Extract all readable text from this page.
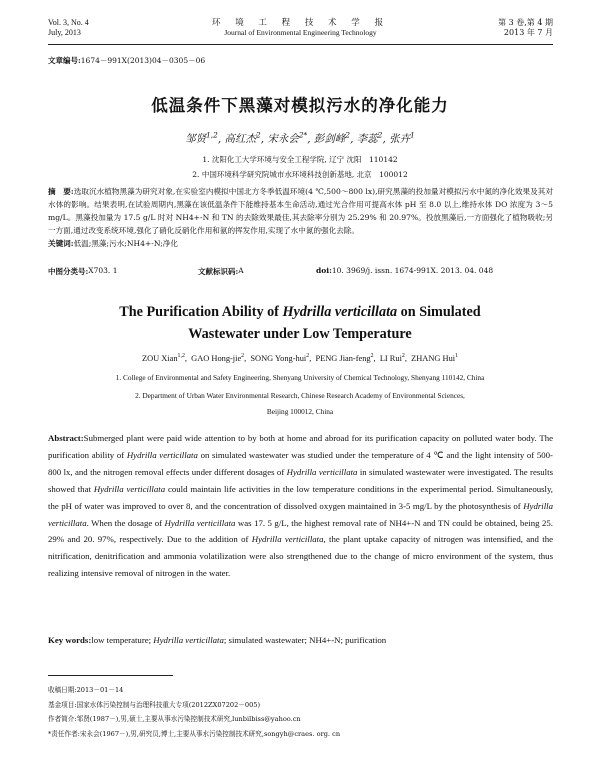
Vol. 3, No. 4
July, 2013
环 境 工 程 技 术 学 报
Journal of Environmental Engineering Technology
第 3 卷,第 4 期
2013 年 7 月
文章编号:1674－991X(2013)04－0305－06
低温条件下黑藻对模拟污水的净化能力
邹贤$^{1,2}$, 高红杰$^2$, 宋永会$^{2*}$, 彭剑峰$^2$, 李蕊$^2$, 张卉$^1$
1. 沈阳化工大学环境与安全工程学院, 辽宁 沈阳　110142
2. 中国环境科学研究院城市水环境科技创新基地, 北京　100012
摘　要:选取沉水植物黑藻为研究对象,在实验室内模拟中国北方冬季低温环境(4 ℃,500～800 lx),研究黑藻的投加量对模拟污水中氮的净化效果及其对水体的影响。结果表明,在试验周期内,黑藻在该低温条件下能维持基本生命活动,通过光合作用可提高水体 pH 至 8.0 以上,维持水体 DO 浓度为 3～5 mg/L。黑藻投加量为 17.5 g/L 时对 NH4+-N 和 TN 的去除效果最佳,其去除率分别为 25.29% 和 20.97%。投放黑藻后,一方面强化了植物吸收;另一方面,通过改变系统环境,强化了硝化反硝化作用和氨的挥发作用,实现了水中氮的强化去除。
关键词:低温;黑藻;污水;NH4+-N;净化
中图分类号: X703. 1	文献标识码: A	doi: 10. 3969/j. issn. 1674-991X. 2013. 04. 048
The Purification Ability of Hydrilla verticillata on Simulated
Wastewater under Low Temperature
ZOU Xian$^{1,2}$,  GAO Hong-jie$^2$,  SONG Yong-hui$^2$,  PENG Jian-feng$^2$,  LI Rui$^2$,  ZHANG Hui$^1$
1. College of Environmental and Safety Engineering, Shenyang University of Chemical Technology, Shenyang 110142, China
2. Department of Urban Water Environmental Research, Chinese Research Academy of Environmental Sciences,
Beijing 100012, China
Abstract:Submerged plant were paid wide attention to by both at home and abroad for its purification capacity on polluted water body. The purification ability of Hydrilla verticillata on simulated wastewater was studied under the temperature of 4 ℃ and the light intensity of 500-800 lx, and the nitrogen removal effects under different dosages of Hydrilla verticillata in simulated wastewater were investigated. The results showed that Hydrilla verticillata could maintain life activities in the low temperature conditions in the experimental period. Simultaneously, the pH of water was improved to over 8, and the concentration of dissolved oxygen maintained in 3-5 mg/L by the photosynthesis of Hydrilla verticillata. When the dosage of Hydrilla verticillata was 17. 5 g/L, the highest removal rate of NH4+-N and TN could be obtained, being 25. 29% and 20. 97%, respectively. Due to the addition of Hydrilla verticillata, the plant uptake capacity of nitrogen was intensified, and the nitrification, denitrification and ammonia volatilization were also strengthened due to the change of micro environment of the system, thus realizing intensive removal of nitrogen in the water.
Key words:low temperature; Hydrilla verticillata; simulated wastewater; NH4+-N; purification
收稿日期:2013－01－14
基金项目:国家水体污染控制与治理科技重大专项(2012ZX07202－005)
作者简介:邹贤(1987－),男,硕士,主要从事水污染控制技术研究,lunbilbiss@yahoo.cn
*责任作者:宋永会(1967－),男,研究员,博士,主要从事水污染控制技术研究,songyh@craes. org. cn
